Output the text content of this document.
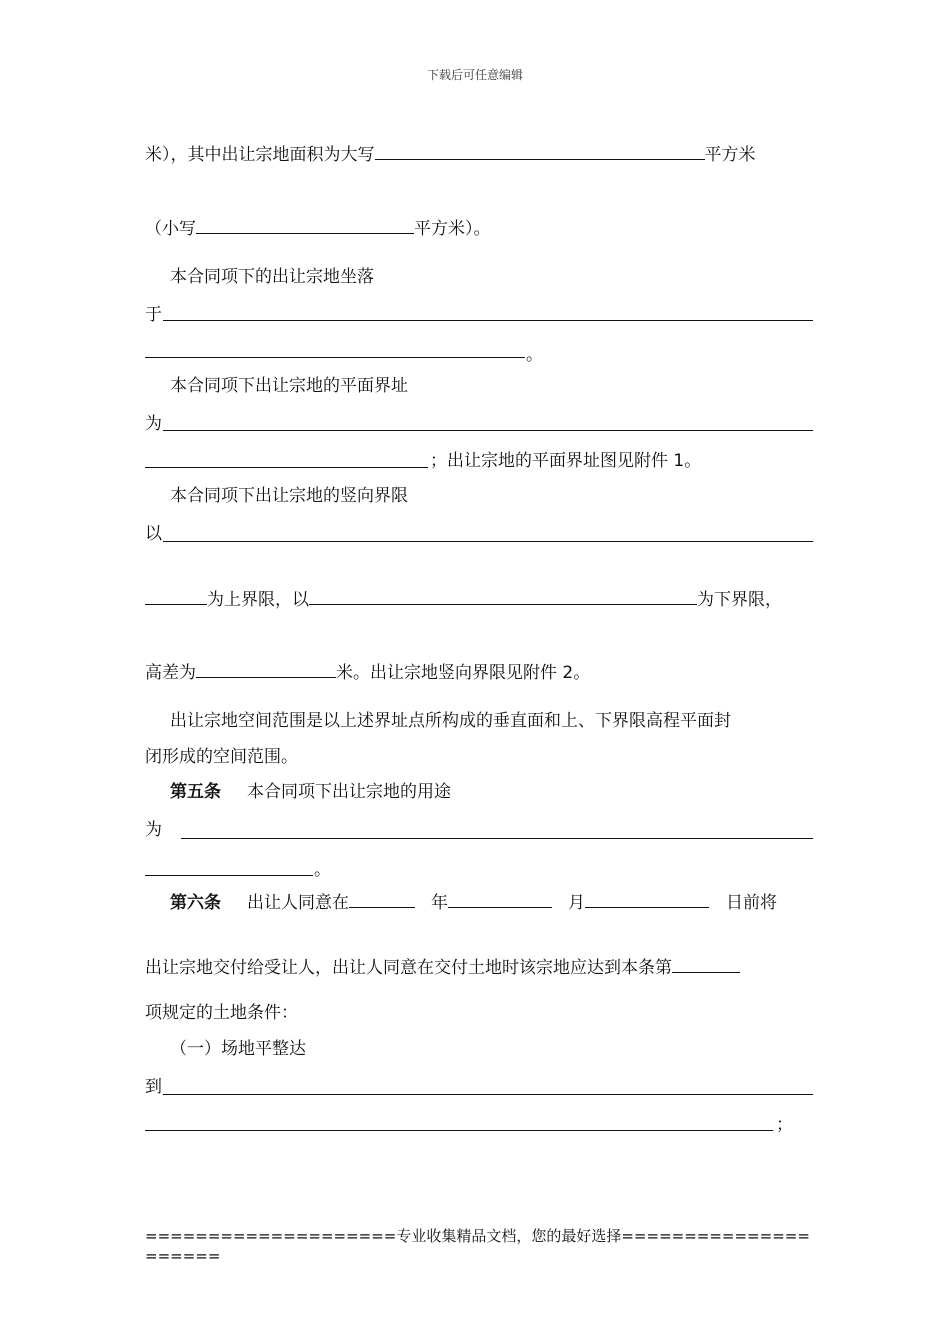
下载后可任意编辑
米），其中出让宗地面积为大写	平方米
（小写	平方米）。
本合同项下的出让宗地坐落
于
。
本合同项下出让宗地的平面界址
为
；出让宗地的平面界址图见附件 1。
本合同项下出让宗地的竖向界限
以
为上界限，以	为下界限，
高差为	米。出让宗地竖向界限见附件 2。
出让宗地空间范围是以上述界址点所构成的垂直面和上、下界限高程平面封
闭形成的空间范围。
第五条 本合同项下出让宗地的用途
为
。
第六条 出让人同意在	年	月	日前将
出让宗地交付给受让人，出让人同意在交付土地时该宗地应达到本条第
项规定的土地条件：
（一）场地平整达
到
；
====================专业收集精品文档，您的最好选择=====================
